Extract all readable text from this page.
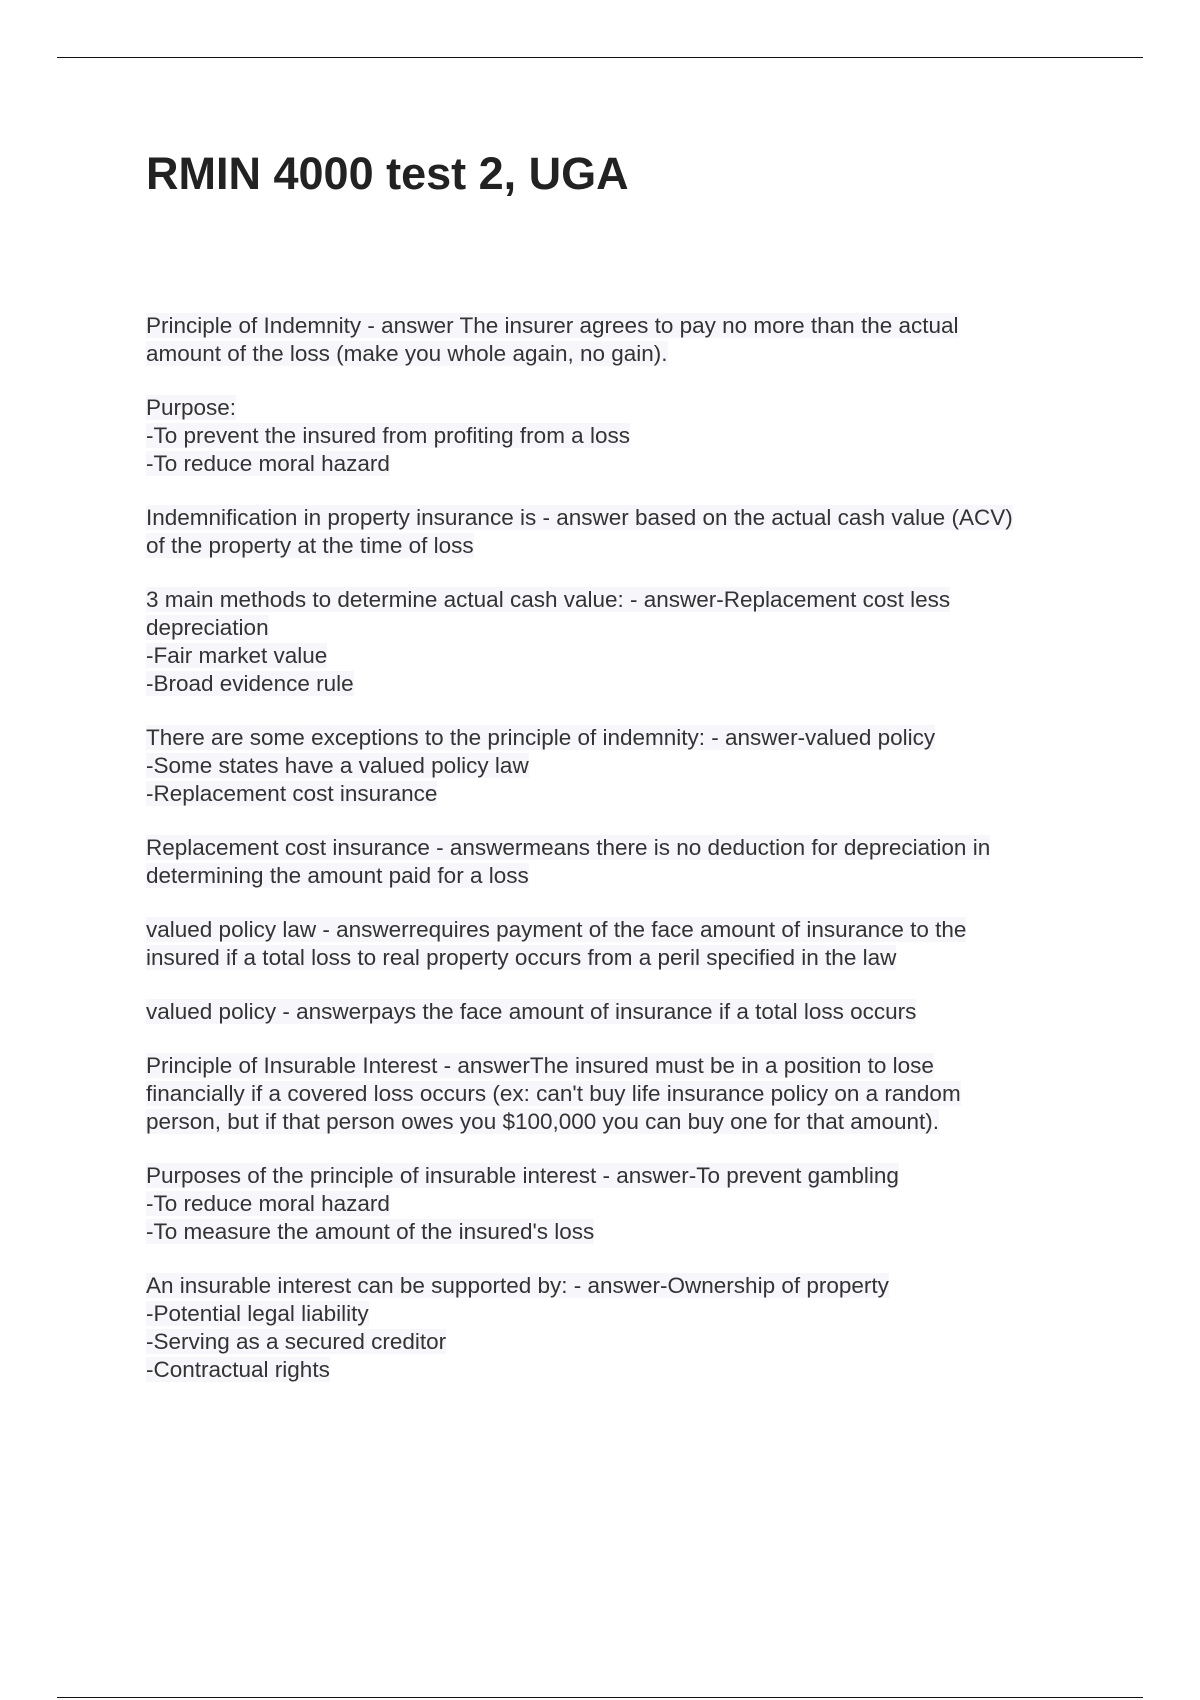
RMIN 4000 test 2, UGA
Principle of Indemnity - answer The insurer agrees to pay no more than the actual
amount of the loss (make you whole again, no gain).
Purpose:
-To prevent the insured from profiting from a loss
-To reduce moral hazard
Indemnification in property insurance is - answer based on the actual cash value (ACV)
of the property at the time of loss
3 main methods to determine actual cash value: - answer-Replacement cost less
depreciation
-Fair market value
-Broad evidence rule
There are some exceptions to the principle of indemnity: - answer-valued policy
-Some states have a valued policy law
-Replacement cost insurance
Replacement cost insurance - answermeans there is no deduction for depreciation in
determining the amount paid for a loss
valued policy law - answerrequires payment of the face amount of insurance to the
insured if a total loss to real property occurs from a peril specified in the law
valued policy - answerpays the face amount of insurance if a total loss occurs
Principle of Insurable Interest - answerThe insured must be in a position to lose
financially if a covered loss occurs (ex: can't buy life insurance policy on a random
person, but if that person owes you $100,000 you can buy one for that amount).
Purposes of the principle of insurable interest - answer-To prevent gambling
-To reduce moral hazard
-To measure the amount of the insured's loss
An insurable interest can be supported by: - answer-Ownership of property
-Potential legal liability
-Serving as a secured creditor
-Contractual rights
